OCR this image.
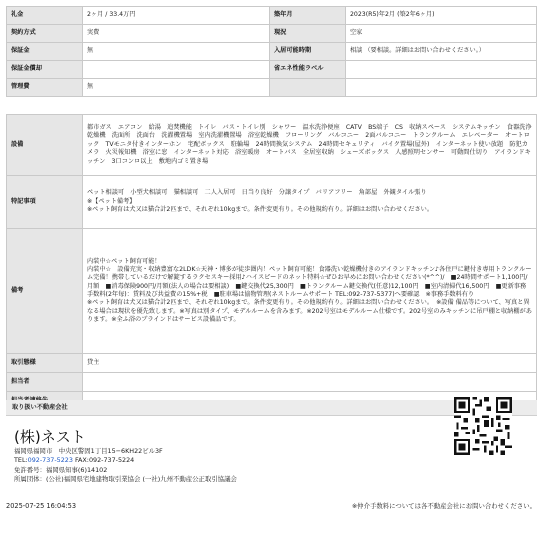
礼金	2ヶ月 / 33.4万円	築年月	2023(R5)年2月 (築2年6ヶ月)
契約方式	実費	現況	空家
保証金	無	入居可能時期	相談 （要相談。詳細はお問い合わせください。）
保証金償却		省エネ性能ラベル	
管理費	無		
設備	都市ガス　エアコン　給湯　追焚機能　トイレ　バス・トイレ別　シャワー　温水洗浄便座　CATV　BS端子　CS　収納スペース　システムキッチン　食器洗浄乾燥機　洗面所　洗面台　洗濯機置場　室内洗濯機置場　浴室乾燥機　フローリング　バルコニー　2面バルコニー　トランクルーム　エレベーター　オートロック　TVモニタ付きインターホン　宅配ボックス　駐輪場　24時間換気システム　24時間セキュリティ　バイク置場(屋外)　インターネット使い放題　防犯カメラ　火災報知機　浴室に窓　インターネット対応　浴室暖房　オートバス　全居室収納　シューズボックス　人感照明センサー　可動間仕切り　アイランドキッチン　3口コンロ以上　敷地内ゴミ置き場
特記事項	ペット相談可　小型犬相談可　猫相談可　二人入居可　日当り良好　分譲タイプ　バリアフリー　角部屋　外観タイル張り
※【ペット備考】
※ペット飼育は犬又は猫合計2匹まで、それぞれ10kgまで。条件変更有り。その他規約有り。詳細はお問い合わせください。
備考	内装中☆ペット飼育可能！
内装中☆　設備充実・収納豊富な2LDK☆天神・博多が徒歩圏内！ペット飼育可能！食器洗い乾燥機付きのアイランドキッチン♪各住戸に鍵付き専用トランクルーム完備！携帯しているだけで解錠するラクセスキー採用♪ハイスピードのネット特料☆ぜひお早めにお問い合わせください(*^^)/　■24時間サポート1,100円/月額　■消毒保険900円/月額(法人の場合は要相談)　■鍵交換代25,300円　■トランクルーム鍵交換代(任意)12,100円　■室内清掃代16,500円　■更新事務手数料(2年毎)：賃料及び共益費の15%+税　■駐車場は協物管理(ネストルームサポート TEL:092-737-5377)へ要確認　※事務手数料有り
※ペット飼育は犬又は猫合計2匹まで、それぞれ10kgまで。条件変更有り。その他規約有り。詳細はお問い合わせください。　※設備 備品等について、写真と異なる場合は現状を優先致します。※写真は別タイプ、モデルルームを含みます。※202号室はモデルルーム仕様です。202号室のみキッチンに吊戸棚と収納棚があります。※全ふ浴のブラインドはサービス設備品です。
取引態様	貸主
担当者	

取り扱い不動産会社
(株)ネスト
福岡県福岡市　中央区警固1丁目15−6KH22ビル3F
TEL:092-737-5223 FAX:092-737-5224
免許番号：福岡県知事(6)14102
所属団体：(公社)福岡県宅地建物取引業協会 (一社)九州不動産公正取引協議会
2025-07-25 16:04:53	※仲介手数料については各不動産会社にお問い合わせください。
